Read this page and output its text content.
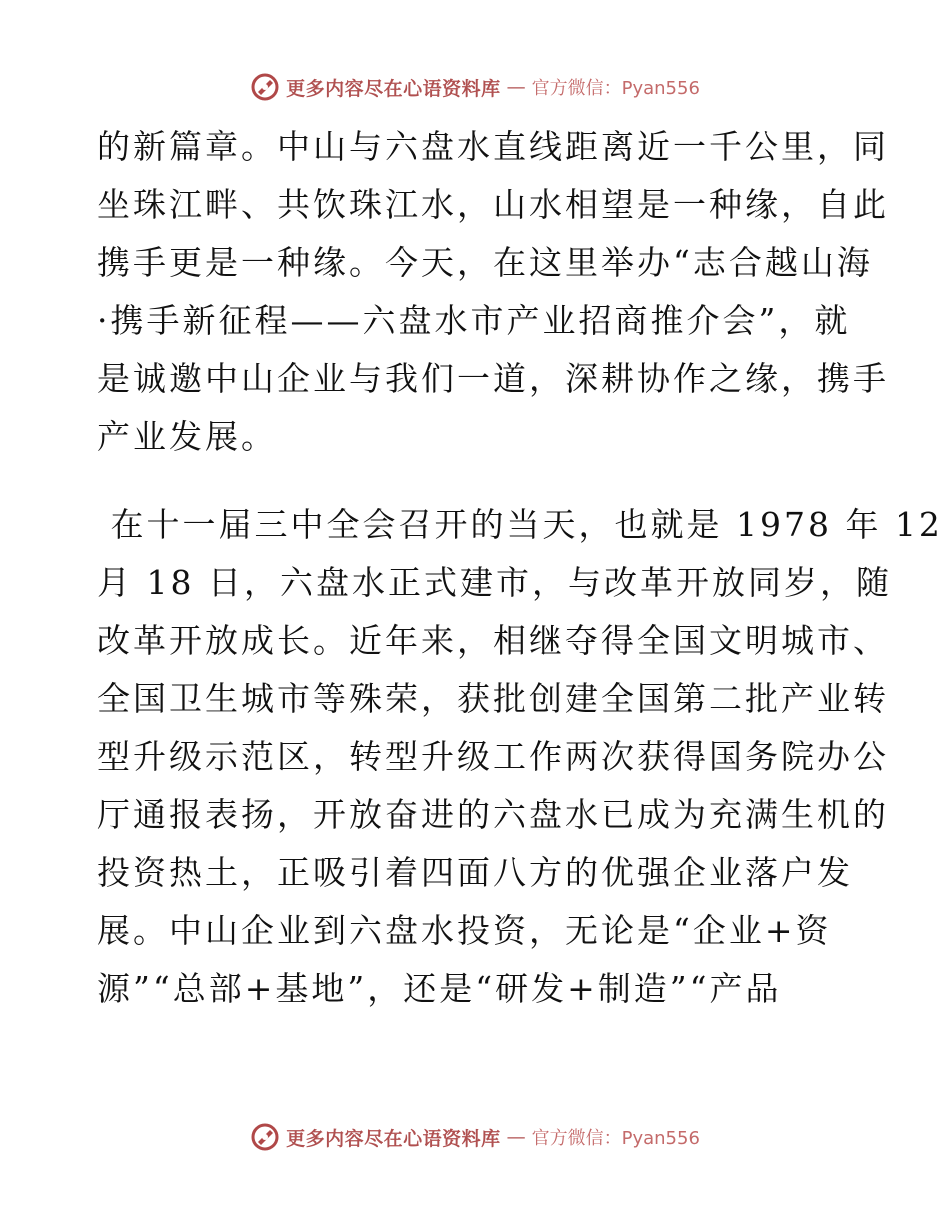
更多内容尽在心语资料库 — 官方微信：Pyan556
的新篇章。中山与六盘水直线距离近一千公里，同
坐珠江畔、共饮珠江水，山水相望是一种缘，自此
携手更是一种缘。今天，在这里举办“志合越山海
·携手新征程——六盘水市产业招商推介会”，就
是诚邀中山企业与我们一道，深耕协作之缘，携手
产业发展。
在十一届三中全会召开的当天，也就是 1978 年 12
月 18 日，六盘水正式建市，与改革开放同岁，随
改革开放成长。近年来，相继夺得全国文明城市、
全国卫生城市等殊荣，获批创建全国第二批产业转
型升级示范区，转型升级工作两次获得国务院办公
厅通报表扬，开放奋进的六盘水已成为充满生机的
投资热土，正吸引着四面八方的优强企业落户发
展。中山企业到六盘水投资，无论是“企业+资
源”“总部+基地”，还是“研发+制造”“产品
更多内容尽在心语资料库 — 官方微信：Pyan556
